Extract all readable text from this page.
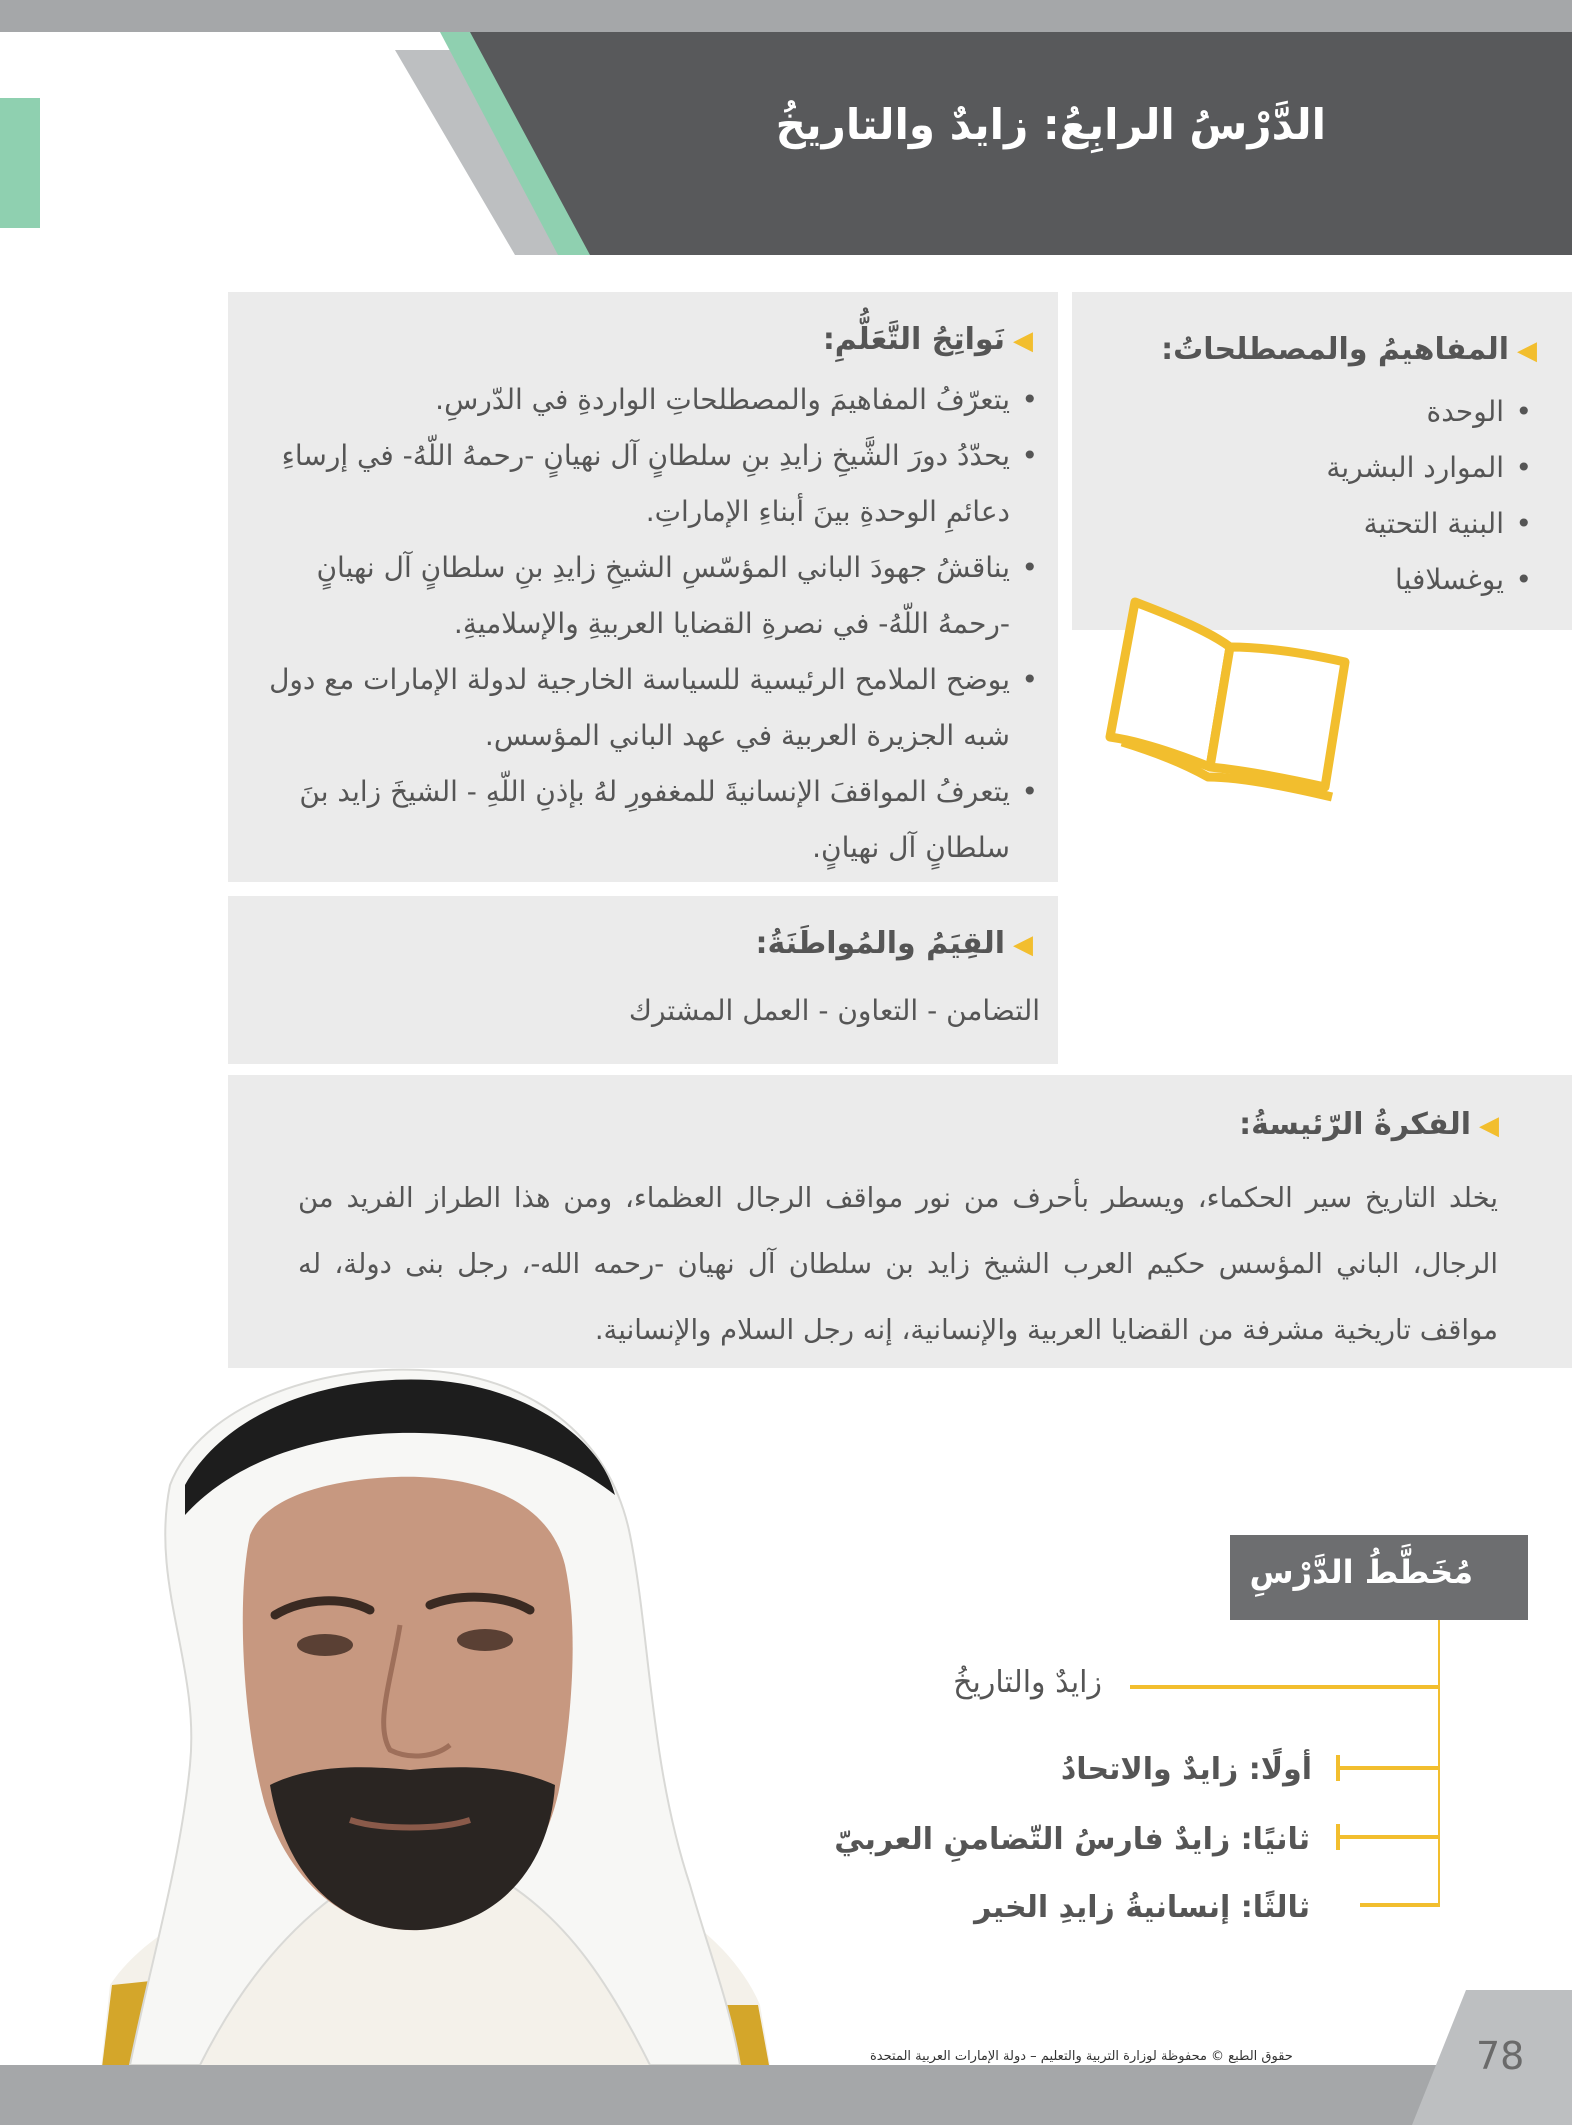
الدَّرْسُ الرابِعُ: زايدٌ والتاريخُ
◀المفاهيمُ والمصطلحاتُ:
• الوحدة
• الموارد البشرية
• البنية التحتية
• يوغسلافيا
◀نَواتِجُ التَّعَلُّمِ:
• يتعرّفُ المفاهيمَ والمصطلحاتِ الواردةِ في الدّرسِ.
• يحدّدُ دورَ الشَّيخِ زايدِ بنِ سلطانٍ آل نهيانٍ -رحمهُ اللّهُ- في إرساءِ دعائمِ الوحدةِ بينَ أبناءِ الإماراتِ.
• يناقشُ جهودَ الباني المؤسّسِ الشيخِ زايدِ بنِ سلطانٍ آل نهيانٍ -رحمهُ اللّهُ- في نصرةِ القضايا العربيةِ والإسلاميةِ.
• يوضح الملامح الرئيسية للسياسة الخارجية لدولة الإمارات مع دول شبه الجزيرة العربية في عهد الباني المؤسس.
• يتعرفُ المواقفَ الإنسانيةَ للمغفورِ لهُ بإذنِ اللّهِ - الشيخَ زايد بنَ سلطانٍ آل نهيانٍ.
◀القِيَمُ والمُواطَنَةُ:
التضامن - التعاون - العمل المشترك
◀الفكرةُ الرّئيسةُ:
يخلد التاريخ سير الحكماء، ويسطر بأحرف من نور مواقف الرجال العظماء، ومن هذا الطراز الفريد من الرجال، الباني المؤسس حكيم العرب الشيخ زايد بن سلطان آل نهيان -رحمه الله-، رجل بنى دولة، له مواقف تاريخية مشرفة من القضايا العربية والإنسانية، إنه رجل السلام والإنسانية.
مُخَطَّطُ الدَّرْسِ
زايدٌ والتاريخُ
أولًا: زايدٌ والاتحادُ
ثانيًا: زايدٌ فارسُ التّضامنِ العربيّ
ثالثًا: إنسانيةُ زايدِ الخير
78
حقوق الطبع © محفوظة لوزارة التربية والتعليم – دولة الإمارات العربية المتحدة
